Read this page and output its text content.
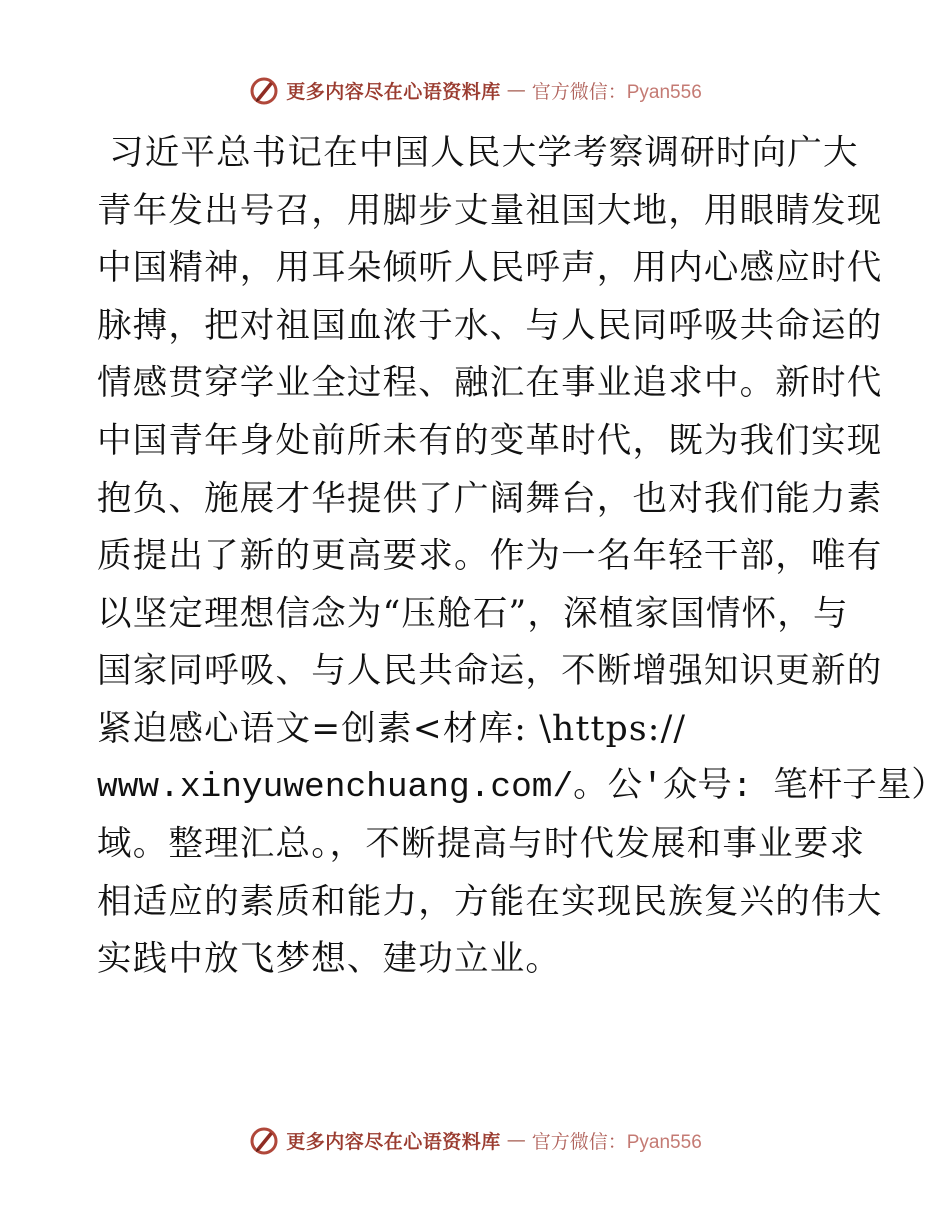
更多内容尽在心语资料库 — 官方微信：Pyan556
习近平总书记在中国人民大学考察调研时向广大
青年发出号召，用脚步丈量祖国大地，用眼睛发现
中国精神，用耳朵倾听人民呼声，用内心感应时代
脉搏，把对祖国血浓于水、与人民同呼吸共命运的
情感贯穿学业全过程、融汇在事业追求中。新时代
中国青年身处前所未有的变革时代，既为我们实现
抱负、施展才华提供了广阔舞台，也对我们能力素
质提出了新的更高要求。作为一名年轻干部，唯有
以坚定理想信念为“压舱石”，深植家国情怀，与
国家同呼吸、与人民共命运，不断增强知识更新的
紧迫感心语文=创素<材库: \https://
www.xinyuwenchuang.com/。公′众号: 笔杆子星）
域。整理汇总。，不断提高与时代发展和事业要求
相适应的素质和能力，方能在实现民族复兴的伟大
实践中放飞梦想、建功立业。
更多内容尽在心语资料库 — 官方微信：Pyan556
